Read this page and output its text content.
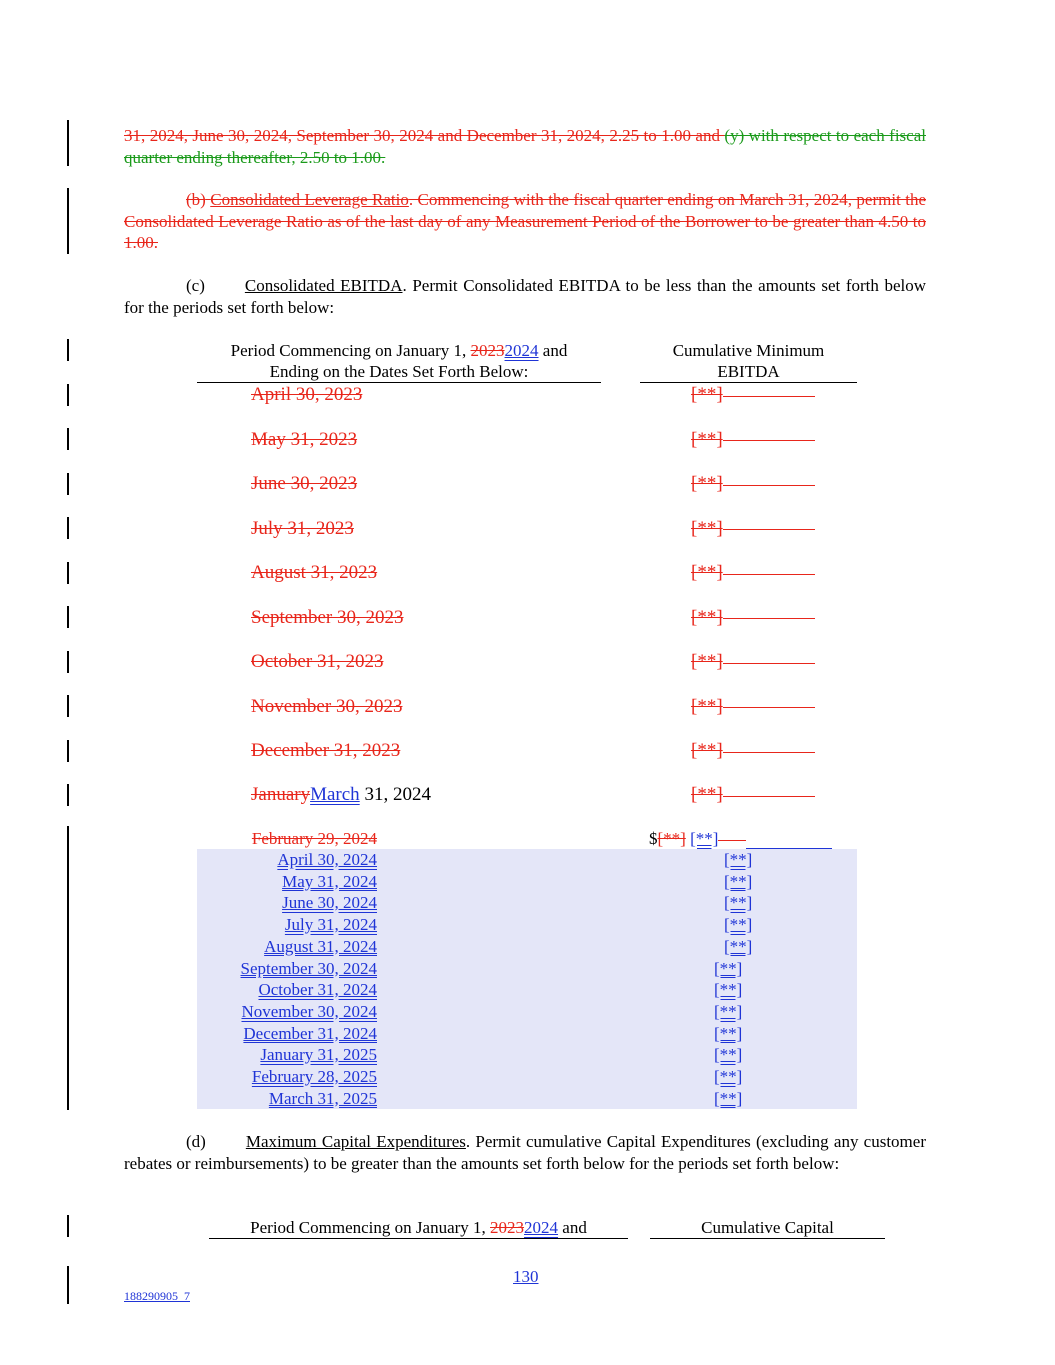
31, 2024, June 30, 2024, September 30, 2024 and December 31, 2024, 2.25 to 1.00 and (y) with respect to each fiscal quarter ending thereafter, 2.50 to 1.00.
(b) Consolidated Leverage Ratio. Commencing with the fiscal quarter ending on March 31, 2024, permit the Consolidated Leverage Ratio as of the last day of any Measurement Period of the Borrower to be greater than 4.50 to 1.00.
(c) Consolidated EBITDA. Permit Consolidated EBITDA to be less than the amounts set forth below for the periods set forth below:
Period Commencing on January 1, 20232024 and
Ending on the Dates Set Forth Below:
Cumulative Minimum
EBITDA
April 30, 2023	[**]
May 31, 2023	[**]
June 30, 2023	[**]
July 31, 2023	[**]
August 31, 2023	[**]
September 30, 2023	[**]
October 31, 2023	[**]
November 30, 2023	[**]
December 31, 2023	[**]
JanuaryMarch 31, 2024	[**]
February 29, 2024	$[**] [**]
April 30, 2024	[**]
May 31, 2024	[**]
June 30, 2024	[**]
July 31, 2024	[**]
August 31, 2024	[**]
September 30, 2024	[**]
October 31, 2024	[**]
November 30, 2024	[**]
December 31, 2024	[**]
January 31, 2025	[**]
February 28, 2025	[**]
March 31, 2025	[**]
(d) Maximum Capital Expenditures. Permit cumulative Capital Expenditures (excluding any customer rebates or reimbursements) to be greater than the amounts set forth below for the periods set forth below:
Period Commencing on January 1, 20232024 and	Cumulative Capital
130
188290905_7
